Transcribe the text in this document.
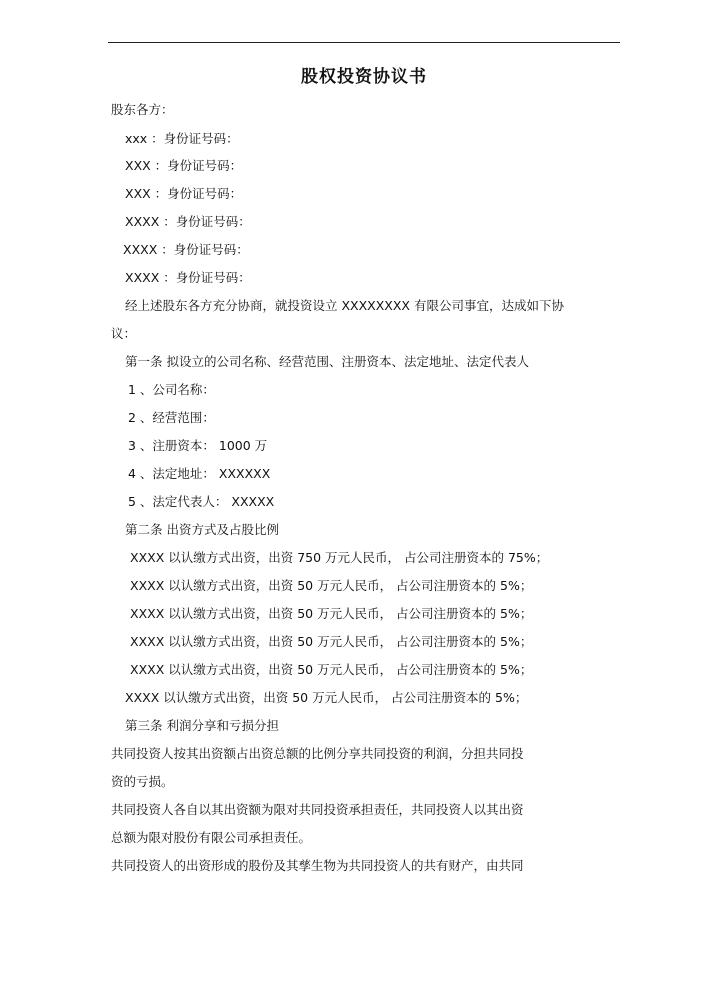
股权投资协议书
股东各方：
xxx ：身份证号码：
XXX ：身份证号码：
XXX ：身份证号码：
XXXX ：身份证号码：
XXXX ：身份证号码：
XXXX ：身份证号码：
经上述股东各方充分协商，就投资设立 XXXXXXXX 有限公司事宜，达成如下协
议：
第一条 拟设立的公司名称、经营范围、注册资本、法定地址、法定代表人
1 、公司名称：
2 、经营范围：
3 、注册资本： 1000 万
4 、法定地址： XXXXXX
5 、法定代表人： XXXXX
第二条 出资方式及占股比例
XXXX 以认缴方式出资，出资 750 万元人民币， 占公司注册资本的 75%；
XXXX 以认缴方式出资，出资 50 万元人民币， 占公司注册资本的 5%；
XXXX 以认缴方式出资，出资 50 万元人民币， 占公司注册资本的 5%；
XXXX 以认缴方式出资，出资 50 万元人民币， 占公司注册资本的 5%；
XXXX 以认缴方式出资，出资 50 万元人民币， 占公司注册资本的 5%；
XXXX 以认缴方式出资，出资 50 万元人民币， 占公司注册资本的 5%；
第三条 利润分享和亏损分担
共同投资人按其出资额占出资总额的比例分享共同投资的利润，分担共同投
资的亏损。
共同投资人各自以其出资额为限对共同投资承担责任，共同投资人以其出资
总额为限对股份有限公司承担责任。
共同投资人的出资形成的股份及其孳生物为共同投资人的共有财产，由共同
